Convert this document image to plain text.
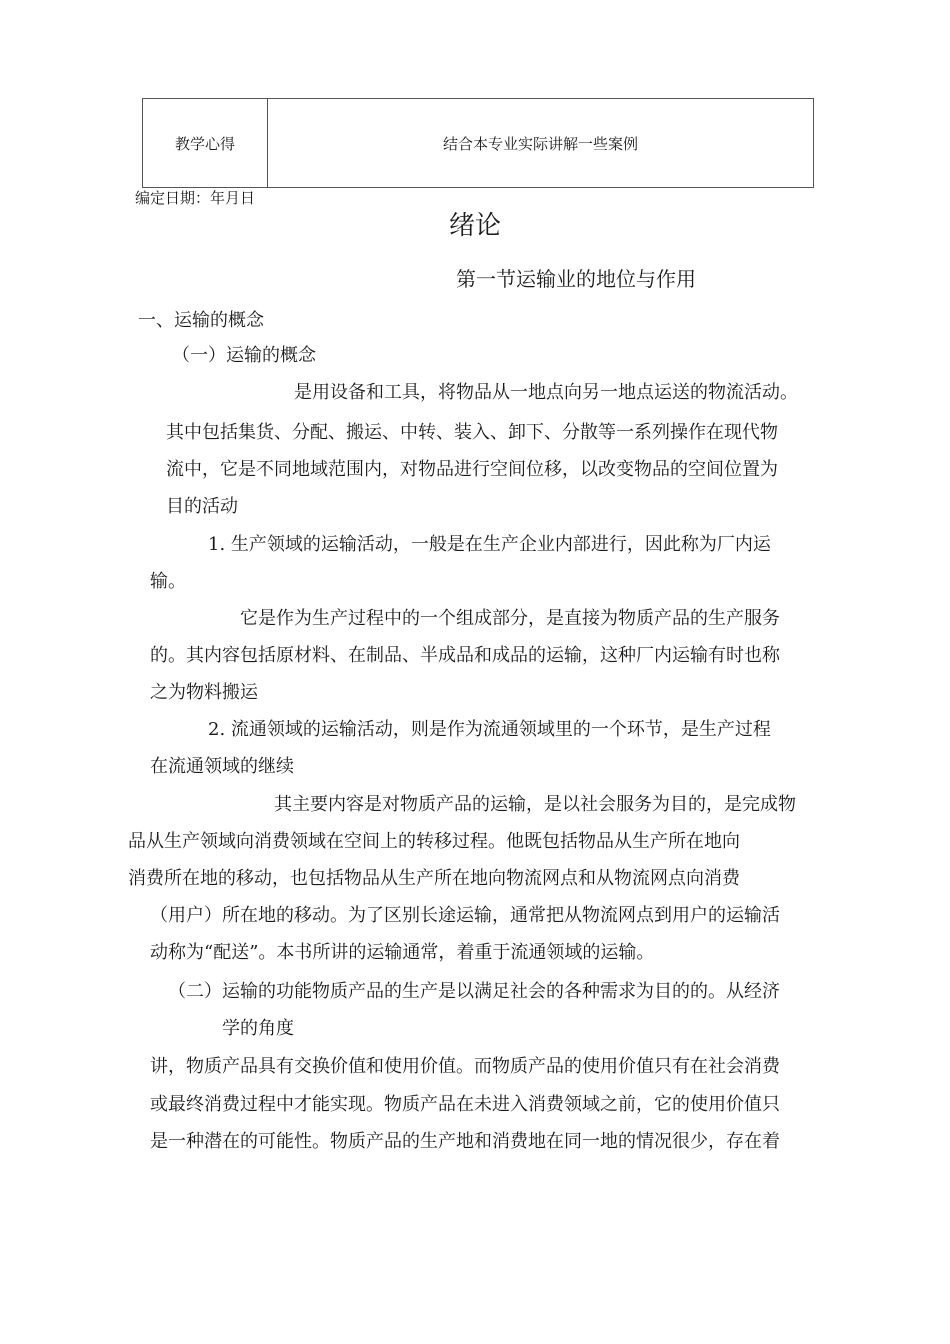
教学心得	结合本专业实际讲解一些案例
编定日期：年月日
绪论
第一节运输业的地位与作用
一、运输的概念
（一）运输的概念
是用设备和工具，将物品从一地点向另一地点运送的物流活动。
其中包括集货、分配、搬运、中转、装入、卸下、分散等一系列操作在现代物
流中，它是不同地域范围内，对物品进行空间位移，以改变物品的空间位置为
目的活动
1. 生产领域的运输活动，一般是在生产企业内部进行，因此称为厂内运
输。
它是作为生产过程中的一个组成部分，是直接为物质产品的生产服务
的。其内容包括原材料、在制品、半成品和成品的运输，这种厂内运输有时也称
之为物料搬运
2. 流通领域的运输活动，则是作为流通领域里的一个环节，是生产过程
在流通领域的继续
其主要内容是对物质产品的运输，是以社会服务为目的，是完成物
品从生产领域向消费领域在空间上的转移过程。他既包括物品从生产所在地向
消费所在地的移动，也包括物品从生产所在地向物流网点和从物流网点向消费
（用户）所在地的移动。为了区别长途运输，通常把从物流网点到用户的运输活
动称为“配送”。本书所讲的运输通常，着重于流通领域的运输。
（二）运输的功能物质产品的生产是以满足社会的各种需求为目的的。从经济
学的角度
讲，物质产品具有交换价值和使用价值。而物质产品的使用价值只有在社会消费
或最终消费过程中才能实现。物质产品在未进入消费领域之前，它的使用价值只
是一种潜在的可能性。物质产品的生产地和消费地在同一地的情况很少，存在着
